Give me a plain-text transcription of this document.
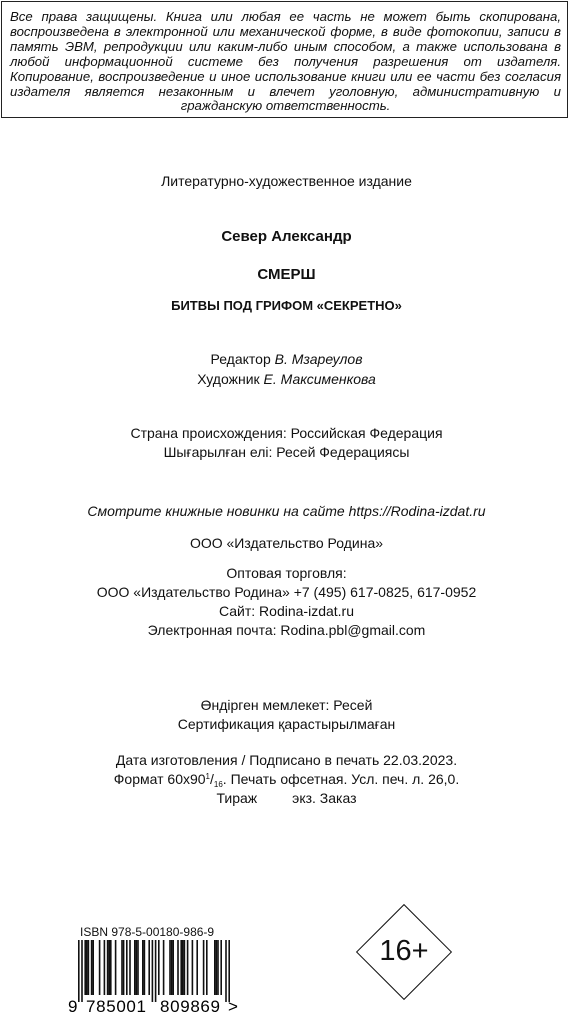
Все права защищены. Книга или любая ее часть не может быть скопирована, воспроизведена в электронной или механической форме, в виде фотокопии, записи в память ЭВМ, репродукции или каким-либо иным способом, а также использована в любой информационной системе без получения разрешения от издателя. Копирование, воспроизведение и иное использование книги или ее части без согласия издателя является незаконным и влечет уголовную, административную и гражданскую ответственность.
Литературно-художественное издание
Север Александр
СМЕРШ
БИТВЫ ПОД ГРИФОМ «СЕКРЕТНО»
Редактор В. Мзареулов
Художник Е. Максименкова
Страна происхождения: Российская Федерация
Шығарылған елі: Ресей Федерациясы
Смотрите книжные новинки на сайте https://Rodina-izdat.ru
ООО «Издательство Родина»
Оптовая торговля:
ООО «Издательство Родина» +7 (495) 617-0825, 617-0952
Сайт: Rodina-izdat.ru
Электронная почта: Rodina.pbl@gmail.com
Өндірген мемлекет: Ресей
Сертификация қарастырылмаған
Дата изготовления / Подписано в печать 22.03.2023.
Формат $60х90^1/_{16}$. Печать офсетная. Усл. печ. л. 26,0.
Тираж         экз. Заказ
ISBN 978-5-00180-986-9
9 785001 809869 >
16+
